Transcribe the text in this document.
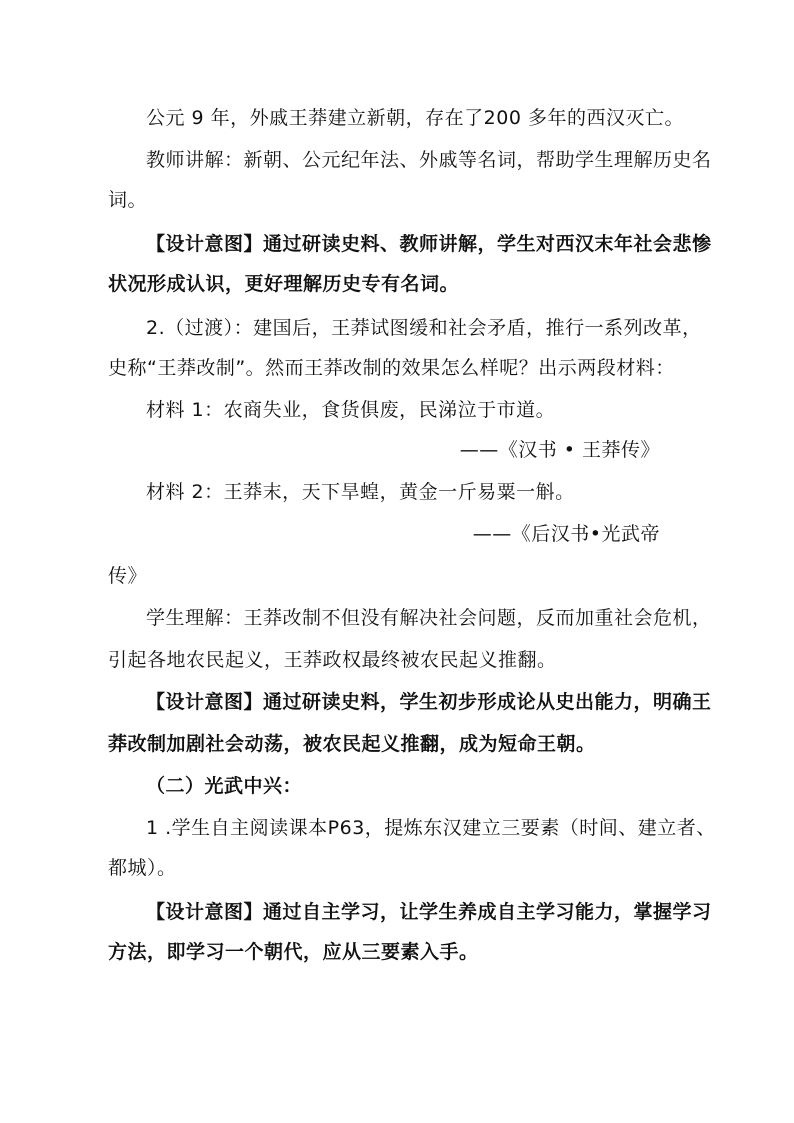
公元 9 年，外戚王莽建立新朝，存在了200 多年的西汉灭亡。
教师讲解：新朝、公元纪年法、外戚等名词，帮助学生理解历史名
词。
【设计意图】通过研读史料、教师讲解，学生对西汉末年社会悲惨
状况形成认识，更好理解历史专有名词。
2.（过渡）：建国后，王莽试图缓和社会矛盾，推行一系列改革，
史称“王莽改制”。然而王莽改制的效果怎么样呢？出示两段材料：
材料 1：农商失业，食货俱废，民涕泣于市道。
——《汉书 • 王莽传》
材料 2：王莽末，天下旱蝗，黄金一斤易粟一斛。
——《后汉书•光武帝
传》
学生理解：王莽改制不但没有解决社会问题，反而加重社会危机，
引起各地农民起义，王莽政权最终被农民起义推翻。
【设计意图】通过研读史料，学生初步形成论从史出能力，明确王
莽改制加剧社会动荡，被农民起义推翻，成为短命王朝。
（二）光武中兴：
1 .学生自主阅读课本P63，提炼东汉建立三要素（时间、建立者、
都城）。
【设计意图】通过自主学习，让学生养成自主学习能力，掌握学习
方法，即学习一个朝代，应从三要素入手。
